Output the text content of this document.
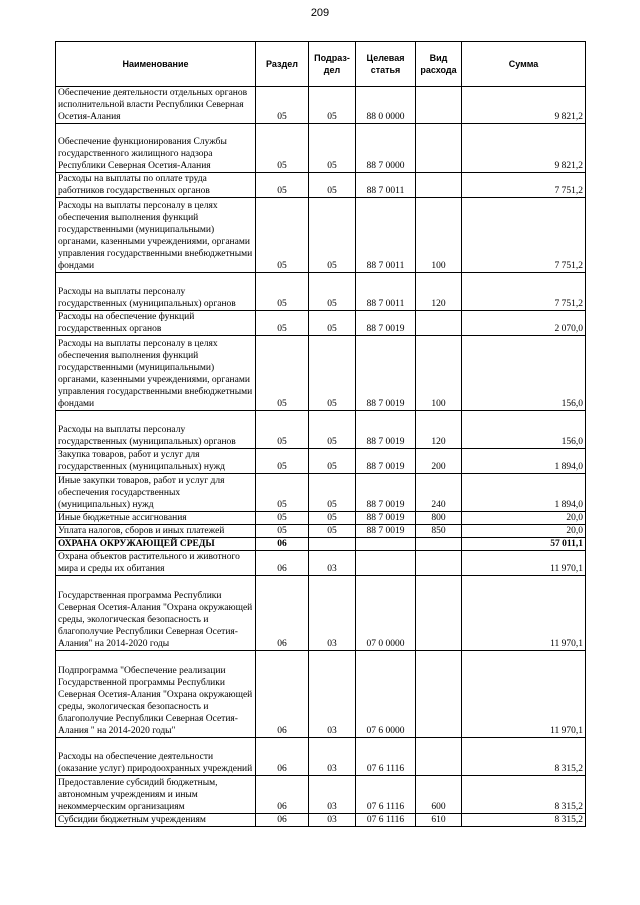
209
Наименование	Раздел	Подраз-дел	Целевая статья	Вид расхода	Сумма
Обеспечение деятельности отдельных органов исполнительной власти Республики Северная Осетия-Алания	05	05	88 0 0000		9 821,2
Обеспечение функционирования Службы государственного жилищного надзора Республики Северная Осетия-Алания	05	05	88 7 0000		9 821,2
Расходы на выплаты по оплате труда работников государственных органов	05	05	88 7 0011		7 751,2
Расходы на выплаты персоналу в целях обеспечения выполнения функций государственными (муниципальными) органами, казенными учреждениями, органами управления государственными внебюджетными фондами	05	05	88 7 0011	100	7 751,2
Расходы на выплаты персоналу государственных (муниципальных) органов	05	05	88 7 0011	120	7 751,2
Расходы на обеспечение функций государственных органов	05	05	88 7 0019		2 070,0
Расходы на выплаты персоналу в целях обеспечения выполнения функций государственными (муниципальными) органами, казенными учреждениями, органами управления государственными внебюджетными фондами	05	05	88 7 0019	100	156,0
Расходы на выплаты персоналу государственных (муниципальных) органов	05	05	88 7 0019	120	156,0
Закупка товаров, работ и услуг для государственных (муниципальных) нужд	05	05	88 7 0019	200	1 894,0
Иные закупки товаров, работ и услуг для обеспечения государственных (муниципальных) нужд	05	05	88 7 0019	240	1 894,0
Иные бюджетные ассигнования	05	05	88 7 0019	800	20,0
Уплата налогов, сборов и иных платежей	05	05	88 7 0019	850	20,0
ОХРАНА ОКРУЖАЮЩЕЙ СРЕДЫ	06				57 011,1
Охрана объектов растительного и животного мира и среды их обитания	06	03			11 970,1
Государственная программа Республики Северная Осетия-Алания "Охрана окружающей среды, экологическая безопасность и благополучие Республики Северная Осетия-Алания" на 2014-2020 годы	06	03	07 0 0000		11 970,1
Подпрограмма "Обеспечение реализации Государственной программы Республики Северная Осетия-Алания "Охрана окружающей среды, экологическая безопасность и благополучие Республики Северная Осетия-Алания " на 2014-2020 годы"	06	03	07 6 0000		11 970,1
Расходы на обеспечение деятельности (оказание услуг) природоохранных учреждений	06	03	07 6 1116		8 315,2
Предоставление субсидий бюджетным, автономным учреждениям и иным некоммерческим организациям	06	03	07 6 1116	600	8 315,2
Субсидии бюджетным учреждениям	06	03	07 6 1116	610	8 315,2
